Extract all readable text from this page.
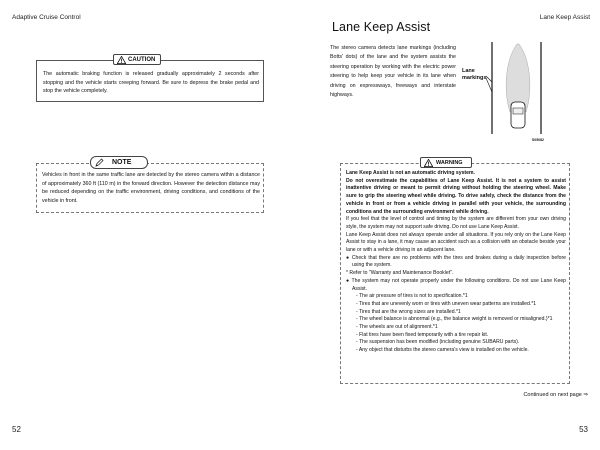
Adaptive Cruise Control	Lane Keep Assist
CAUTION
The automatic braking function is released gradually approximately 2 seconds after stopping and the vehicle starts creeping forward. Be sure to depress the brake pedal and stop the vehicle completely.
NOTE
Vehicles in front in the same traffic lane are detected by the stereo camera within a distance of approximately 360 ft (110 m) in the forward direction. However the detection distance may be reduced depending on the traffic environment, driving conditions, and conditions of the vehicle in front.
Lane Keep Assist
The stereo camera detects lane markings (including Botts' dots) of the lane and the system assists the steering operation by working with the electric power steering to help keep your vehicle in its lane when driving on expressways, freeways and interstate highways.
Lane
markings
S05082
WARNING
Lane Keep Assist is not an automatic driving system.
Do not overestimate the capabilities of Lane Keep Assist. It is not a system to assist inattentive driving or meant to permit driving without holding the steering wheel. Make sure to grip the steering wheel while driving. To drive safely, check the distance from the vehicle in front or from a vehicle driving in parallel with your vehicle, the surrounding conditions and the surrounding environment while driving.
If you feel that the level of control and timing by the system are different from your own driving style, the system may not support safe driving. Do not use Lane Keep Assist.
Lane Keep Assist does not always operate under all situations. If you rely only on the Lane Keep Assist to stay in a lane, it may cause an accident such as a collision with an obstacle beside your lane or with a vehicle driving in an adjacent lane.
● Check that there are no problems with the tires and brakes during a daily inspection before using the system.
* Refer to "Warranty and Maintenance Booklet".
● The system may not operate properly under the following conditions. Do not use Lane Keep Assist.
- The air pressure of tires is not to specification.*1
- Tires that are unevenly worn or tires with uneven wear patterns are installed.*1
- Tires that are the wrong sizes are installed.*1
- The wheel balance is abnormal (e.g., the balance weight is removed or misaligned.)*1
- The wheels are out of alignment.*1
- Flat tires have been fixed temporarily with a tire repair kit.
- The suspension has been modified (including genuine SUBARU parts).
- Any object that disturbs the stereo camera's view is installed on the vehicle.
Continued on next page ⇒
52	53
